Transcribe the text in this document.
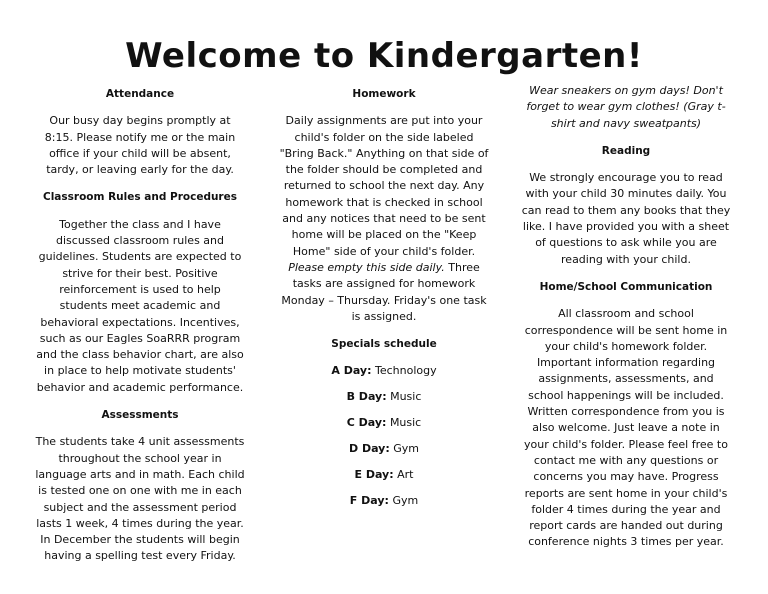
Welcome to Kindergarten!
Attendance
Our busy day begins promptly at 8:15. Please notify me or the main office if your child will be absent, tardy, or leaving early for the day.
Classroom Rules and Procedures
Together the class and I have discussed classroom rules and guidelines. Students are expected to strive for their best. Positive reinforcement is used to help students meet academic and behavioral expectations. Incentives, such as our Eagles SoaRRR program and the class behavior chart, are also in place to help motivate students' behavior and academic performance.
Assessments
The students take 4 unit assessments throughout the school year in language arts and in math. Each child is tested one on one with me in each subject and the assessment period lasts 1 week, 4 times during the year. In December the students will begin having a spelling test every Friday.
Homework
Daily assignments are put into your child's folder on the side labeled "Bring Back." Anything on that side of the folder should be completed and returned to school the next day. Any homework that is checked in school and any notices that need to be sent home will be placed on the "Keep Home" side of your child's folder. Please empty this side daily. Three tasks are assigned for homework Monday – Thursday. Friday's one task is assigned.
Specials schedule
A Day: Technology
B Day: Music
C Day: Music
D Day: Gym
E Day: Art
F Day: Gym
Wear sneakers on gym days! Don't forget to wear gym clothes! (Gray t-shirt and navy sweatpants)
Reading
We strongly encourage you to read with your child 30 minutes daily. You can read to them any books that they like. I have provided you with a sheet of questions to ask while you are reading with your child.
Home/School Communication
All classroom and school correspondence will be sent home in your child's homework folder. Important information regarding assignments, assessments, and school happenings will be included. Written correspondence from you is also welcome. Just leave a note in your child's folder. Please feel free to contact me with any questions or concerns you may have. Progress reports are sent home in your child's folder 4 times during the year and report cards are handed out during conference nights 3 times per year.
